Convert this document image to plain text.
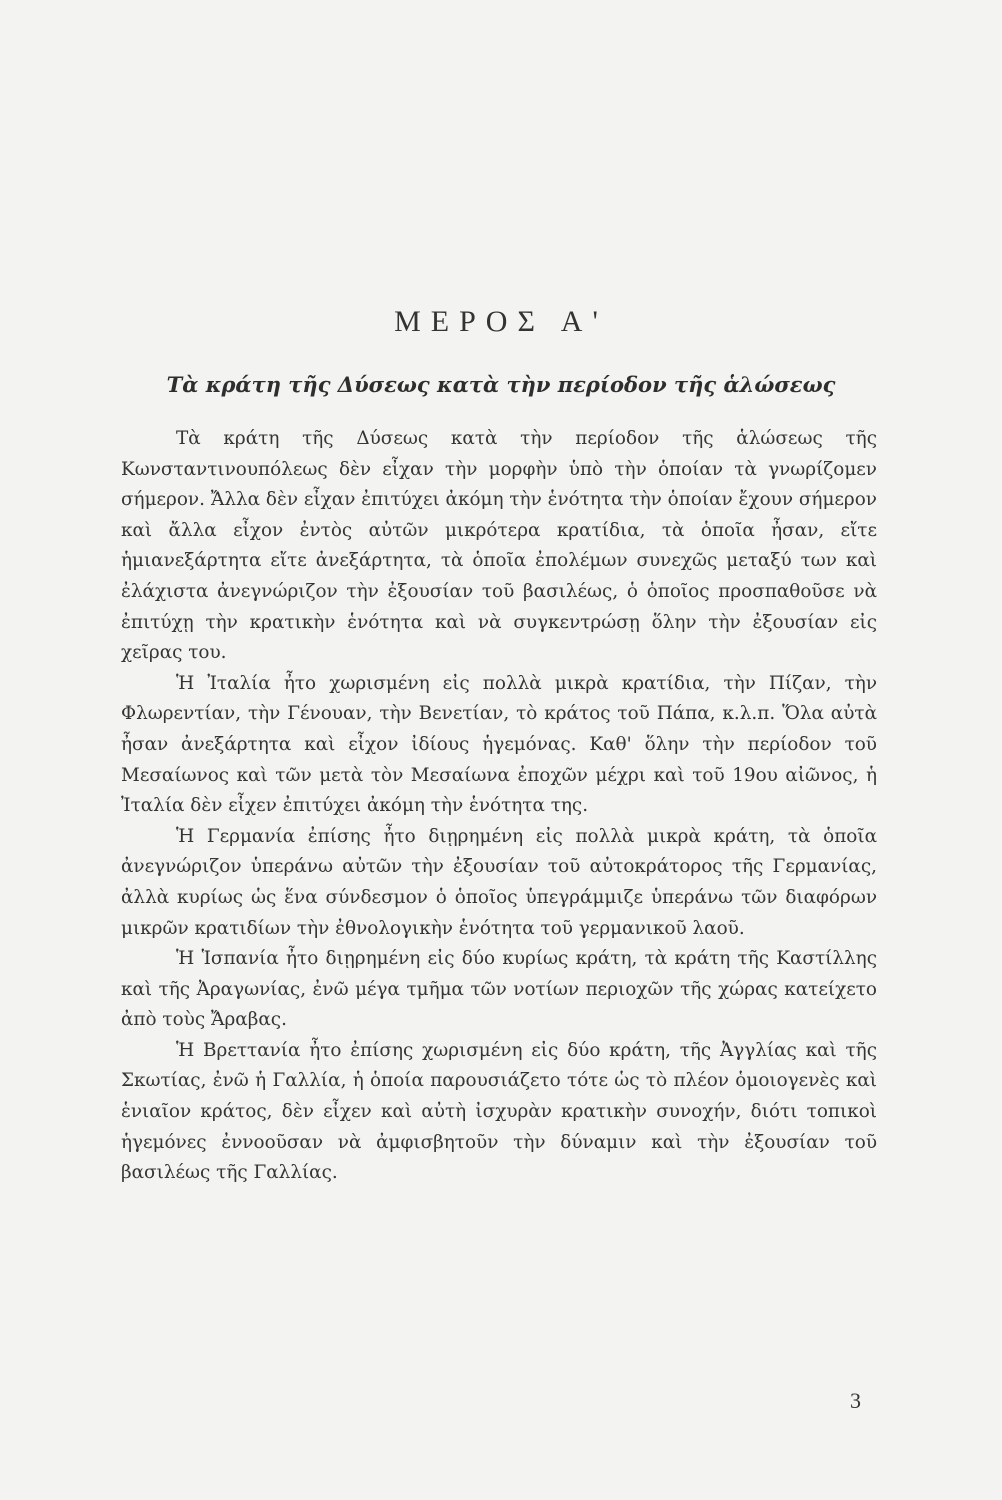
ΜΕΡΟΣ Α'
Τὰ κράτη τῆς Δύσεως κατὰ τὴν περίοδον τῆς ἁλώσεως

Τὰ κράτη τῆς Δύσεως κατὰ τὴν περίοδον τῆς ἁλώσεως τῆς Κωνσταντινουπόλεως δὲν εἶχαν τὴν μορφὴν ὑπὸ τὴν ὁποίαν τὰ γνωρίζομεν σήμερον. Ἄλλα δὲν εἶχαν ἐπιτύχει ἀκόμη τὴν ἑνότητα τὴν ὁποίαν ἔχουν σήμερον καὶ ἄλλα εἶχον ἐντὸς αὐτῶν μικρότερα κρατίδια, τὰ ὁποῖα ἦσαν, εἴτε ἡμιανεξάρτητα εἴτε ἀνεξάρτητα, τὰ ὁποῖα ἐπολέμων συνεχῶς μεταξύ των καὶ ἐλάχιστα ἀνεγνώριζον τὴν ἐξουσίαν τοῦ βασιλέως, ὁ ὁποῖος προσπαθοῦσε νὰ ἐπιτύχῃ τὴν κρατικὴν ἑνότητα καὶ νὰ συγκεντρώσῃ ὅλην τὴν ἐξουσίαν εἰς χεῖρας του.

Ἡ Ἰταλία ἦτο χωρισμένη εἰς πολλὰ μικρὰ κρατίδια, τὴν Πίζαν, τὴν Φλωρεντίαν, τὴν Γένουαν, τὴν Βενετίαν, τὸ κράτος τοῦ Πάπα, κ.λ.π. Ὅλα αὐτὰ ἦσαν ἀνεξάρτητα καὶ εἶχον ἰδίους ἡγεμόνας. Καθ' ὅλην τὴν περίοδον τοῦ Μεσαίωνος καὶ τῶν μετὰ τὸν Μεσαίωνα ἐποχῶν μέχρι καὶ τοῦ 19ου αἰῶνος, ἡ Ἰταλία δὲν εἶχεν ἐπιτύχει ἀκόμη τὴν ἑνότητα της.

Ἡ Γερμανία ἐπίσης ἦτο διῃρημένη εἰς πολλὰ μικρὰ κράτη, τὰ ὁποῖα ἀνεγνώριζον ὑπεράνω αὐτῶν τὴν ἐξουσίαν τοῦ αὐτοκράτορος τῆς Γερμανίας, ἀλλὰ κυρίως ὡς ἕνα σύνδεσμον ὁ ὁποῖος ὑπεγράμμιζε ὑπεράνω τῶν διαφόρων μικρῶν κρατιδίων τὴν ἐθνολογικὴν ἑνότητα τοῦ γερμανικοῦ λαοῦ.

Ἡ Ἱσπανία ἦτο διῃρημένη εἰς δύο κυρίως κράτη, τὰ κράτη τῆς Καστίλλης καὶ τῆς Ἀραγωνίας, ἐνῶ μέγα τμῆμα τῶν νοτίων περιοχῶν τῆς χώρας κατείχετο ἀπὸ τοὺς Ἄραβας.

Ἡ Βρεττανία ἦτο ἐπίσης χωρισμένη εἰς δύο κράτη, τῆς Ἀγγλίας καὶ τῆς Σκωτίας, ἐνῶ ἡ Γαλλία, ἡ ὁποία παρουσιάζετο τότε ὡς τὸ πλέον ὁμοιογενὲς καὶ ἑνιαῖον κράτος, δὲν εἶχεν καὶ αὐτὴ ἰσχυρὰν κρατικὴν συνοχήν, διότι τοπικοὶ ἡγεμόνες ἐννοοῦσαν νὰ ἀμφισβητοῦν τὴν δύναμιν καὶ τὴν ἐξουσίαν τοῦ βασιλέως τῆς Γαλλίας.

3
